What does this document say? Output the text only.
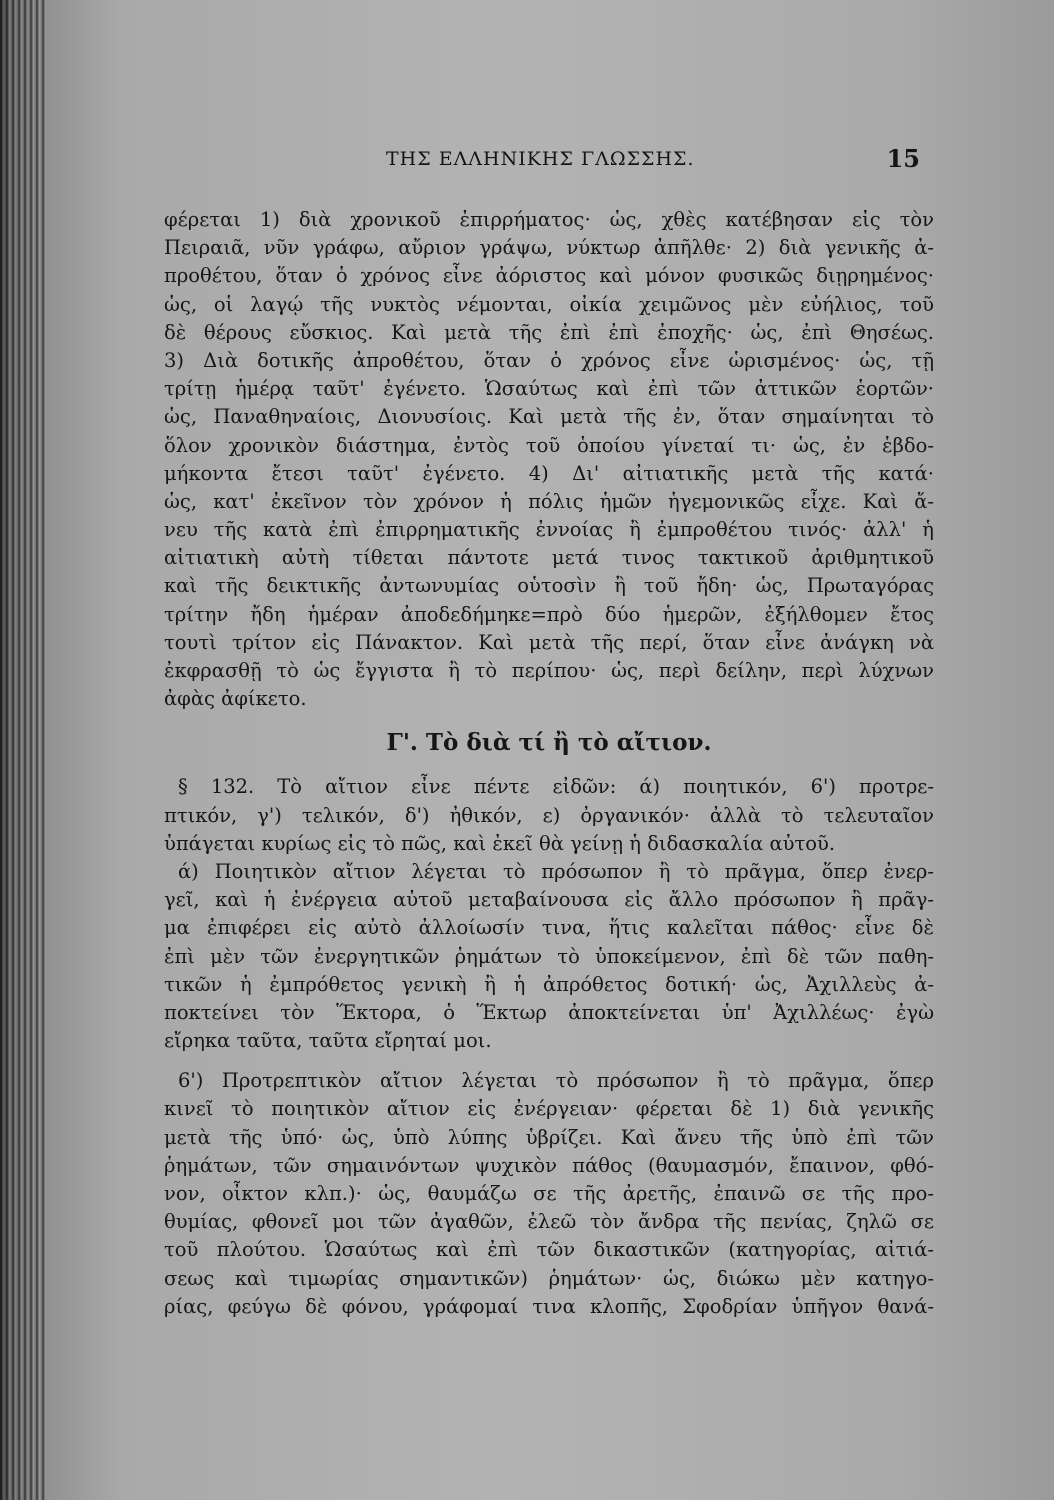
ΤΗΣ ΕΛΛΗΝΙΚΗΣ ΓΛΩΣΣΗΣ.	15
φέρεται 1) διὰ χρονικοῦ ἐπιρρήματος· ὡς, χθὲς κατέβησαν εἰς τὸν
Πειραιᾶ, νῦν γράφω, αὔριον γράψω, νύκτωρ ἀπῆλθε· 2) διὰ γενικῆς ἀ-
προθέτου, ὅταν ὁ χρόνος εἶνε ἀόριστος καὶ μόνον φυσικῶς διῃρημένος·
ὡς, οἱ λαγῴ τῆς νυκτὸς νέμονται, οἰκία χειμῶνος μὲν εὐήλιος, τοῦ
δὲ θέρους εὔσκιος. Καὶ μετὰ τῆς ἐπὶ ἐπὶ ἐποχῆς· ὡς, ἐπὶ Θησέως.
3) Διὰ δοτικῆς ἀπροθέτου, ὅταν ὁ χρόνος εἶνε ὡρισμένος· ὡς, τῇ
τρίτῃ ἡμέρᾳ ταῦτ' ἐγένετο. Ὡσαύτως καὶ ἐπὶ τῶν ἀττικῶν ἑορτῶν·
ὡς, Παναθηναίοις, Διονυσίοις. Καὶ μετὰ τῆς ἐν, ὅταν σημαίνηται τὸ
ὅλον χρονικὸν διάστημα, ἐντὸς τοῦ ὁποίου γίνεταί τι· ὡς, ἐν ἑβδο-
μήκοντα ἔτεσι ταῦτ' ἐγένετο. 4) Δι' αἰτιατικῆς μετὰ τῆς κατά·
ὡς, κατ' ἐκεῖνον τὸν χρόνον ἡ πόλις ἡμῶν ἡγεμονικῶς εἶχε. Καὶ ἄ-
νευ τῆς κατὰ ἐπὶ ἐπιρρηματικῆς ἐννοίας ἢ ἐμπροθέτου τινός· ἀλλ' ἡ
αἰτιατικὴ αὐτὴ τίθεται πάντοτε μετά τινος τακτικοῦ ἀριθμητικοῦ
καὶ τῆς δεικτικῆς ἀντωνυμίας οὑτοσὶν ἢ τοῦ ἤδη· ὡς, Πρωταγόρας
τρίτην ἤδη ἡμέραν ἀποδεδήμηκε=πρὸ δύο ἡμερῶν, ἐξήλθομεν ἔτος
τουτὶ τρίτον εἰς Πάνακτον. Καὶ μετὰ τῆς περί, ὅταν εἶνε ἀνάγκη νὰ
ἐκφρασθῇ τὸ ὡς ἔγγιστα ἢ τὸ περίπου· ὡς, περὶ δείλην, περὶ λύχνων
ἀφὰς ἀφίκετο.
Γ'. Τὸ διὰ τί ἢ τὸ αἴτιον.
§ 132. Τὸ αἴτιον εἶνε πέντε εἰδῶν: ά) ποιητικόν, 6') προτρε-
πτικόν, γ') τελικόν, δ') ἠθικόν, ε) ὀργανικόν· ἀλλὰ τὸ τελευταῖον
ὑπάγεται κυρίως εἰς τὸ πῶς, καὶ ἐκεῖ θὰ γείνῃ ἡ διδασκαλία αὐτοῦ.
ά) Ποιητικὸν αἴτιον λέγεται τὸ πρόσωπον ἢ τὸ πρᾶγμα, ὅπερ ἐνερ-
γεῖ, καὶ ἡ ἐνέργεια αὐτοῦ μεταβαίνουσα εἰς ἄλλο πρόσωπον ἢ πρᾶγ-
μα ἐπιφέρει εἰς αὐτὸ ἀλλοίωσίν τινα, ἥτις καλεῖται πάθος· εἶνε δὲ
ἐπὶ μὲν τῶν ἐνεργητικῶν ῥημάτων τὸ ὑποκείμενον, ἐπὶ δὲ τῶν παθη-
τικῶν ἡ ἐμπρόθετος γενικὴ ἢ ἡ ἀπρόθετος δοτική· ὡς, Ἀχιλλεὺς ἀ-
ποκτείνει τὸν Ἕκτορα, ὁ Ἕκτωρ ἀποκτείνεται ὑπ' Ἀχιλλέως· ἐγὼ
εἴρηκα ταῦτα, ταῦτα εἴρηταί μοι.
6') Προτρεπτικὸν αἴτιον λέγεται τὸ πρόσωπον ἢ τὸ πρᾶγμα, ὅπερ
κινεῖ τὸ ποιητικὸν αἴτιον εἰς ἐνέργειαν· φέρεται δὲ 1) διὰ γενικῆς
μετὰ τῆς ὑπό· ὡς, ὑπὸ λύπης ὑβρίζει. Καὶ ἄνευ τῆς ὑπὸ ἐπὶ τῶν
ῥημάτων, τῶν σημαινόντων ψυχικὸν πάθος (θαυμασμόν, ἔπαινον, φθό-
νον, οἶκτον κλπ.)· ὡς, θαυμάζω σε τῆς ἀρετῆς, ἐπαινῶ σε τῆς προ-
θυμίας, φθονεῖ μοι τῶν ἀγαθῶν, ἐλεῶ τὸν ἄνδρα τῆς πενίας, ζηλῶ σε
τοῦ πλούτου. Ὡσαύτως καὶ ἐπὶ τῶν δικαστικῶν (κατηγορίας, αἰτιά-
σεως καὶ τιμωρίας σημαντικῶν) ῥημάτων· ὡς, διώκω μὲν κατηγο-
ρίας, φεύγω δὲ φόνου, γράφομαί τινα κλοπῆς, Σφοδρίαν ὑπῆγον θανά-
